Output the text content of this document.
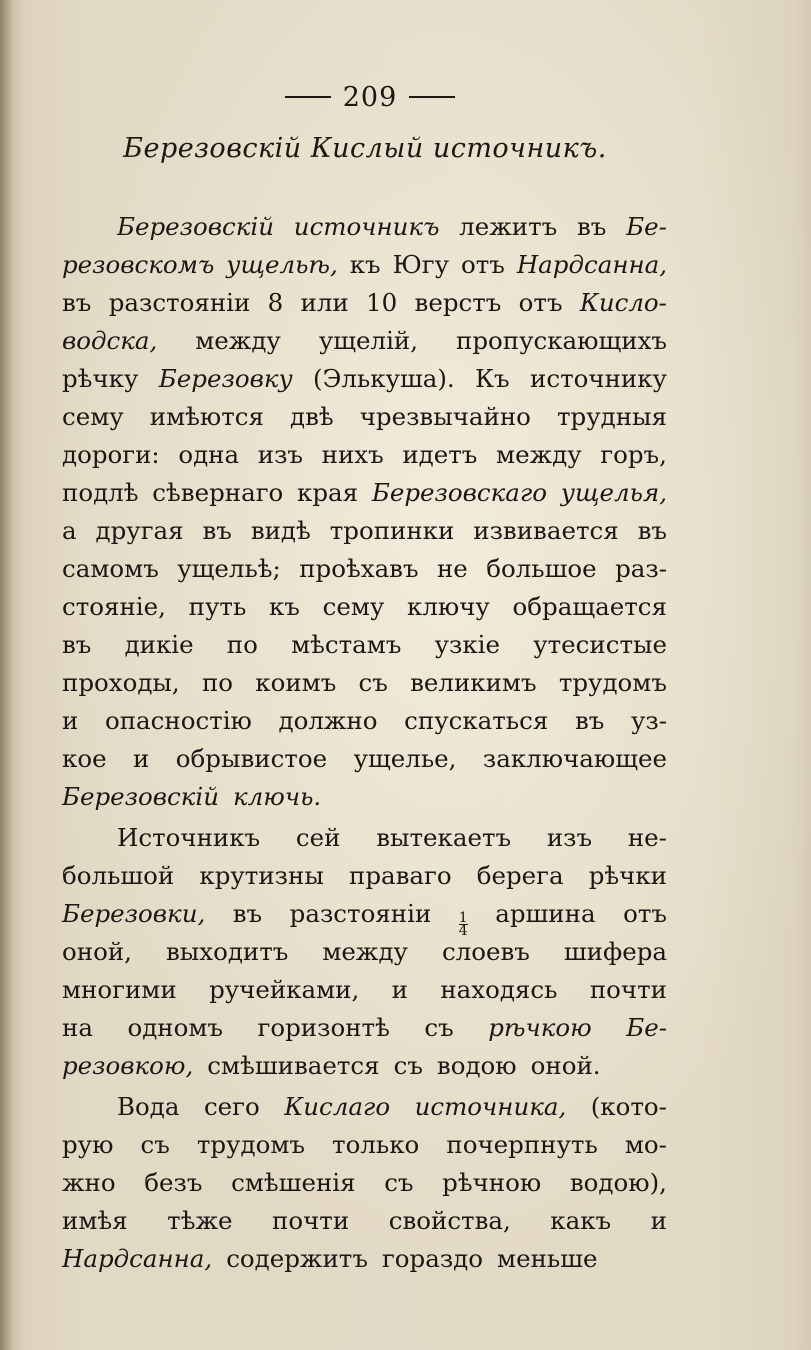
209
Березовскій Кислый источникъ.
Березовскій источникъ лежитъ въ Бе-
резовскомъ ущельѣ, къ Югу отъ Нардсанна,
въ разстояніи 8 или 10 верстъ отъ Кисло-
водска, между ущелій, пропускающихъ
рѣчку Березовку (Элькуша). Къ источнику
сему имѣются двѣ чрезвычайно трудныя
дороги: одна изъ нихъ идетъ между горъ,
подлѣ сѣвернаго края Березовскаго ущелья,
а другая въ видѣ тропинки извивается въ
самомъ ущельѣ; проѣхавъ не большое раз-
стояніе, путь къ сему ключу обращается
въ дикіе по мѣстамъ узкіе утесистые
проходы, по коимъ съ великимъ трудомъ
и опасностію должно спускаться въ уз-
кое и обрывистое ущелье, заключающее
Березовскій ключь.
Источникъ сей вытекаетъ изъ не-
большой крутизны праваго берега рѣчки
Березовки, въ разстояніи $\frac{1}{4}$ аршина отъ
оной, выходитъ между слоевъ шифера
многими ручейками, и находясь почти
на одномъ горизонтѣ съ рѣчкою Бе-
резовкою, смѣшивается съ водою оной.
Вода сего Кислаго источника, (кото-
рую съ трудомъ только почерпнуть мо-
жно безъ смѣшенія съ рѣчною водою),
имѣя тѣже почти свойства, какъ и
Нардсанна, содержитъ гораздо меньше
